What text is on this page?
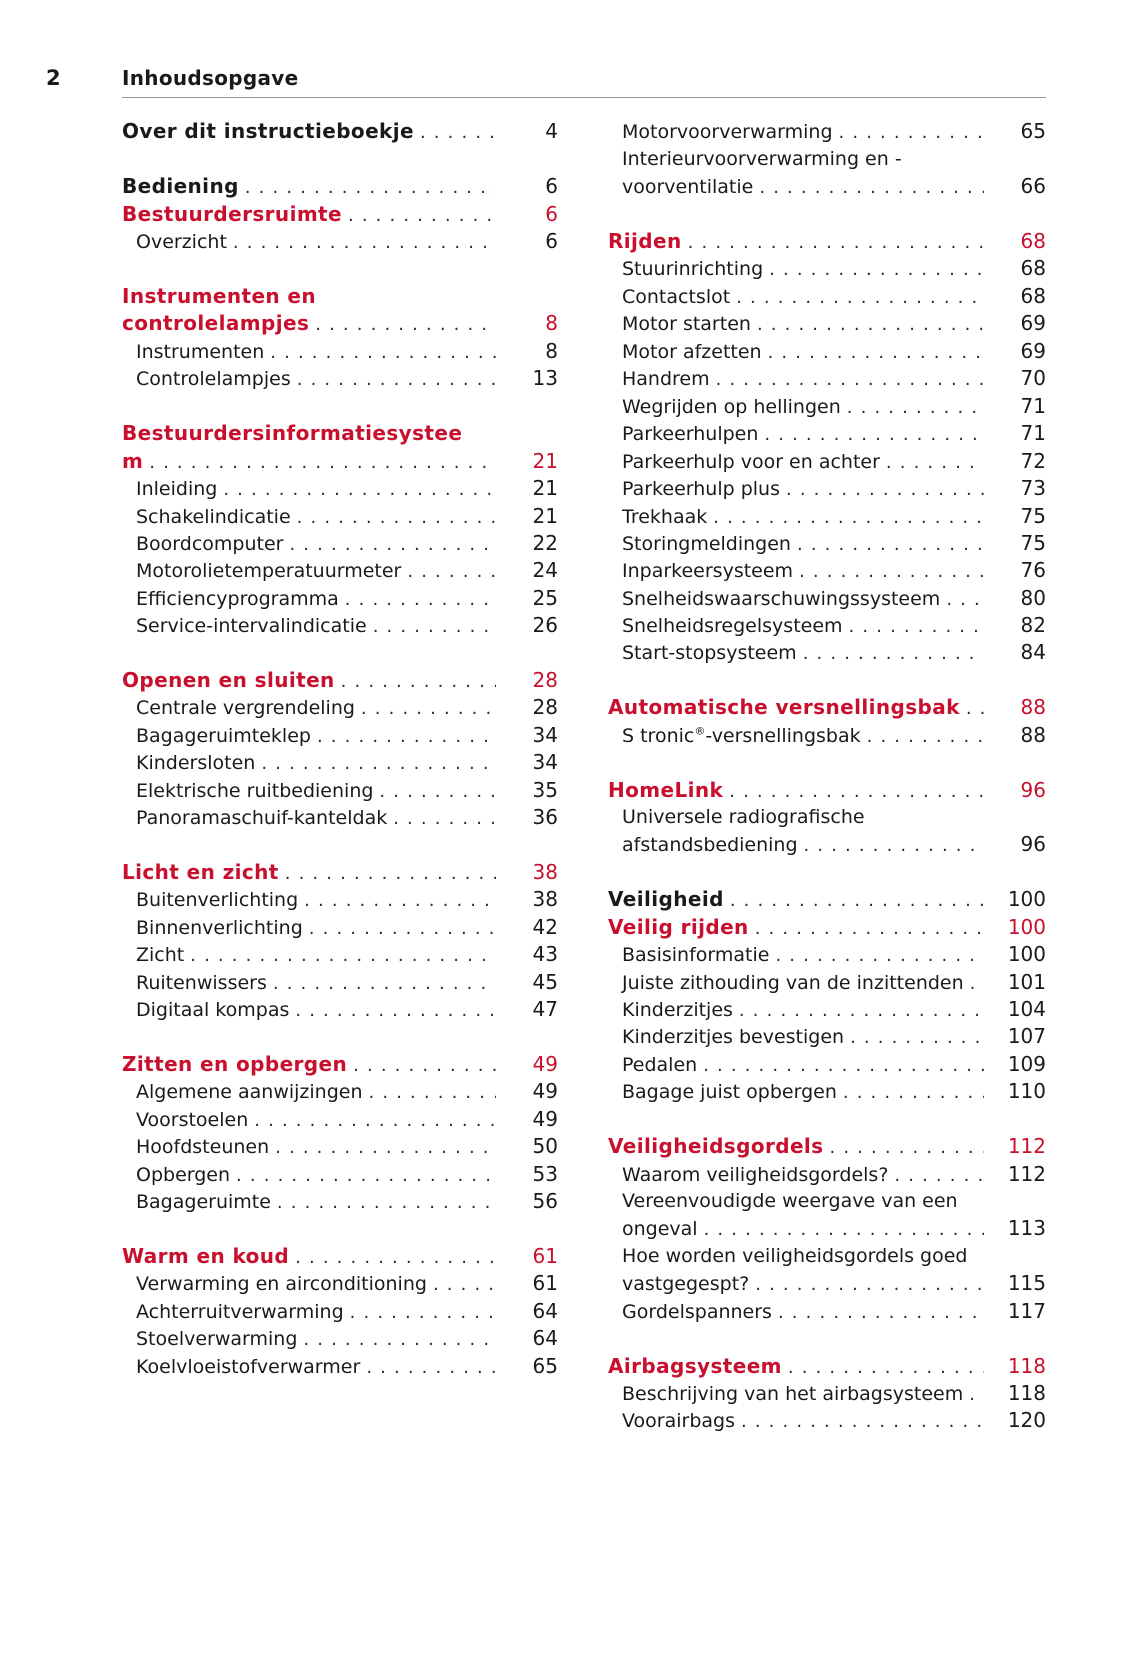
2	Inhoudsopgave
Over dit instructieboekje . . .	4
Bediening . . .	6
Bestuurdersruimte . . .	6
Overzicht . . .	6
Instrumenten en
controlelampjes . . .	8
Instrumenten . . .	8
Controlelampjes . . .	13
Bestuurdersinformatiesystee
m . . .	21
Inleiding . . .	21
Schakelindicatie . . .	21
Boordcomputer . . .	22
Motorolietemperatuurmeter . . .	24
Efficiencyprogramma . . .	25
Service-intervalindicatie . . .	26
Openen en sluiten . . .	28
Centrale vergrendeling . . .	28
Bagageruimteklep . . .	34
Kindersloten . . .	34
Elektrische ruitbediening . . .	35
Panoramaschuif-kanteldak . . .	36
Licht en zicht . . .	38
Buitenverlichting . . .	38
Binnenverlichting . . .	42
Zicht . . .	43
Ruitenwissers . . .	45
Digitaal kompas . . .	47
Zitten en opbergen . . .	49
Algemene aanwijzingen . . .	49
Voorstoelen . . .	49
Hoofdsteunen . . .	50
Opbergen . . .	53
Bagageruimte . . .	56
Warm en koud . . .	61
Verwarming en airconditioning . . .	61
Achterruitverwarming . . .	64
Stoelverwarming . . .	64
Koelvloeistofverwarmer . . .	65
Motorvoorverwarming . . .	65
Interieurvoorverwarming en -
voorventilatie . . .	66
Rijden . . .	68
Stuurinrichting . . .	68
Contactslot . . .	68
Motor starten . . .	69
Motor afzetten . . .	69
Handrem . . .	70
Wegrijden op hellingen . . .	71
Parkeerhulpen . . .	71
Parkeerhulp voor en achter . . .	72
Parkeerhulp plus . . .	73
Trekhaak . . .	75
Storingmeldingen . . .	75
Inparkeersysteem . . .	76
Snelheidswaarschuwingssysteem . . .	80
Snelheidsregelsysteem . . .	82
Start-stopsysteem . . .	84
Automatische versnellingsbak . . .	88
S tronic®-versnellingsbak . . .	88
HomeLink . . .	96
Universele radiografische
afstandsbediening . . .	96
Veiligheid . . .	100
Veilig rijden . . .	100
Basisinformatie . . .	100
Juiste zithouding van de inzittenden . . .	101
Kinderzitjes . . .	104
Kinderzitjes bevestigen . . .	107
Pedalen . . .	109
Bagage juist opbergen . . .	110
Veiligheidsgordels . . .	112
Waarom veiligheidsgordels? . . .	112
Vereenvoudigde weergave van een
ongeval . . .	113
Hoe worden veiligheidsgordels goed
vastgegespt? . . .	115
Gordelspanners . . .	117
Airbagsysteem . . .	118
Beschrijving van het airbagsysteem . . .	118
Voorairbags . . .	120
